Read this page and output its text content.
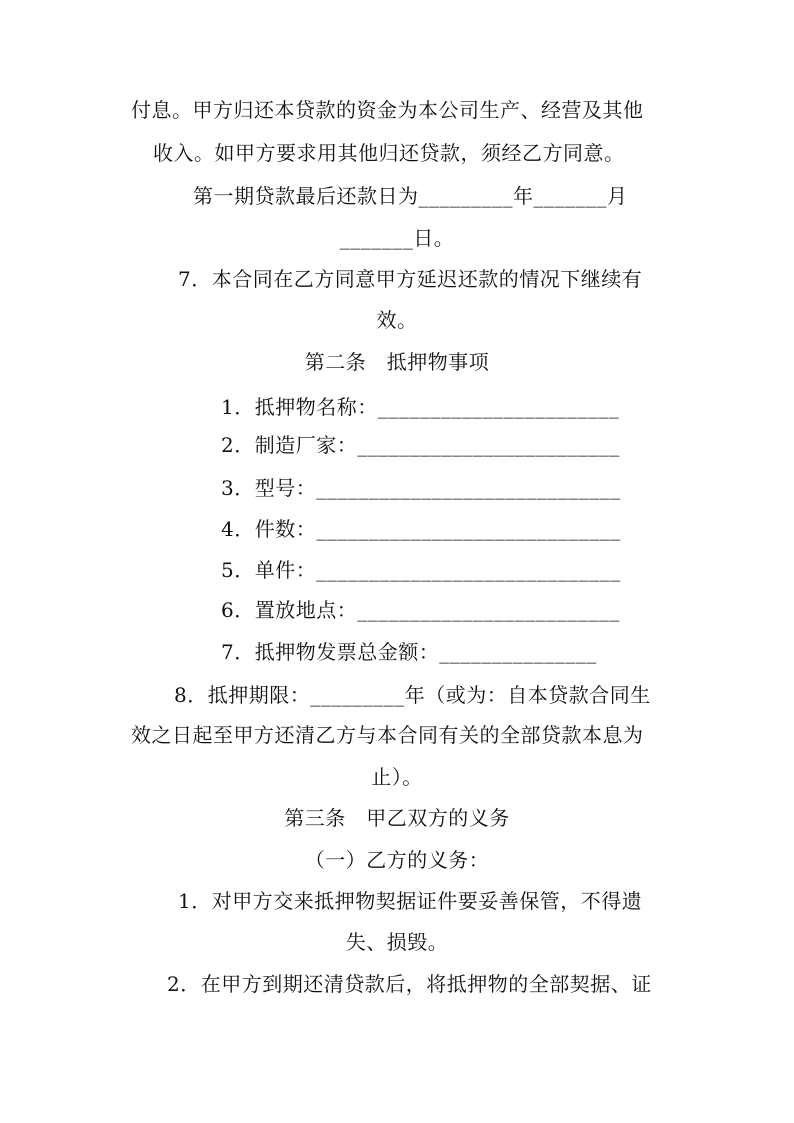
付息。甲方归还本贷款的资金为本公司生产、经营及其他
收入。如甲方要求用其他归还贷款，须经乙方同意。
第一期贷款最后还款日为_________年_______月
_______日。
7．本合同在乙方同意甲方延迟还款的情况下继续有
效。
第二条　抵押物事项
1．抵押物名称：_______________________
2．制造厂家：_________________________
3．型号：_____________________________
4．件数：_____________________________
5．单件：_____________________________
6．置放地点：_________________________
7．抵押物发票总金额：_______________
8．抵押期限：_________年（或为：自本贷款合同生
效之日起至甲方还清乙方与本合同有关的全部贷款本息为
止）。
第三条　甲乙双方的义务
（一）乙方的义务：
1．对甲方交来抵押物契据证件要妥善保管，不得遗
失、损毁。
2．在甲方到期还清贷款后，将抵押物的全部契据、证
